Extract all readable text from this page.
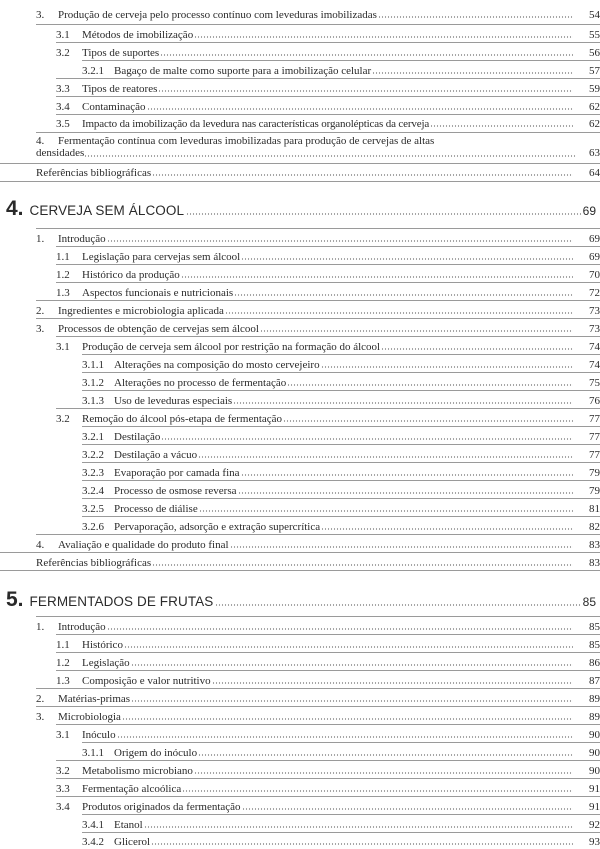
3.	Produção de cerveja pelo processo contínuo com leveduras imobilizadas	54
3.1	Métodos de imobilização	55
3.2	Tipos de suportes	56
3.2.1 Bagaço de malte como suporte para a imobilização celular	57
3.3	Tipos de reatores	59
3.4	Contaminação	62
3.5	Impacto da imobilização da levedura nas características organolépticas da cerveja	62
4. Fermentação contínua com leveduras imobilizadas para produção de cervejas de altas
densidades	63
Referências bibliográficas	64
4. CERVEJA SEM ÁLCOOL	69
1.	Introdução	69
1.1	Legislação para cervejas sem álcool	69
1.2	Histórico da produção	70
1.3	Aspectos funcionais e nutricionais	72
2.	Ingredientes e microbiologia aplicada	73
3.	Processos de obtenção de cervejas sem álcool	73
3.1	Produção de cerveja sem álcool por restrição na formação do álcool	74
3.1.1 Alterações na composição do mosto cervejeiro	74
3.1.2 Alterações no processo de fermentação	75
3.1.3 Uso de leveduras especiais	76
3.2	Remoção do álcool pós-etapa de fermentação	77
3.2.1 Destilação	77
3.2.2 Destilação a vácuo	77
3.2.3 Evaporação por camada fina	79
3.2.4 Processo de osmose reversa	79
3.2.5 Processo de diálise	81
3.2.6 Pervaporação, adsorção e extração supercrítica	82
4.	Avaliação e qualidade do produto final	83
Referências bibliográficas	83
5. FERMENTADOS DE FRUTAS	85
1.	Introdução	85
1.1	Histórico	85
1.2	Legislação	86
1.3	Composição e valor nutritivo	87
2.	Matérias-primas	89
3.	Microbiologia	89
3.1	Inóculo	90
3.1.1 Origem do inóculo	90
3.2	Metabolismo microbiano	90
3.3	Fermentação alcoólica	91
3.4	Produtos originados da fermentação	91
3.4.1 Etanol	92
3.4.2 Glicerol	93
